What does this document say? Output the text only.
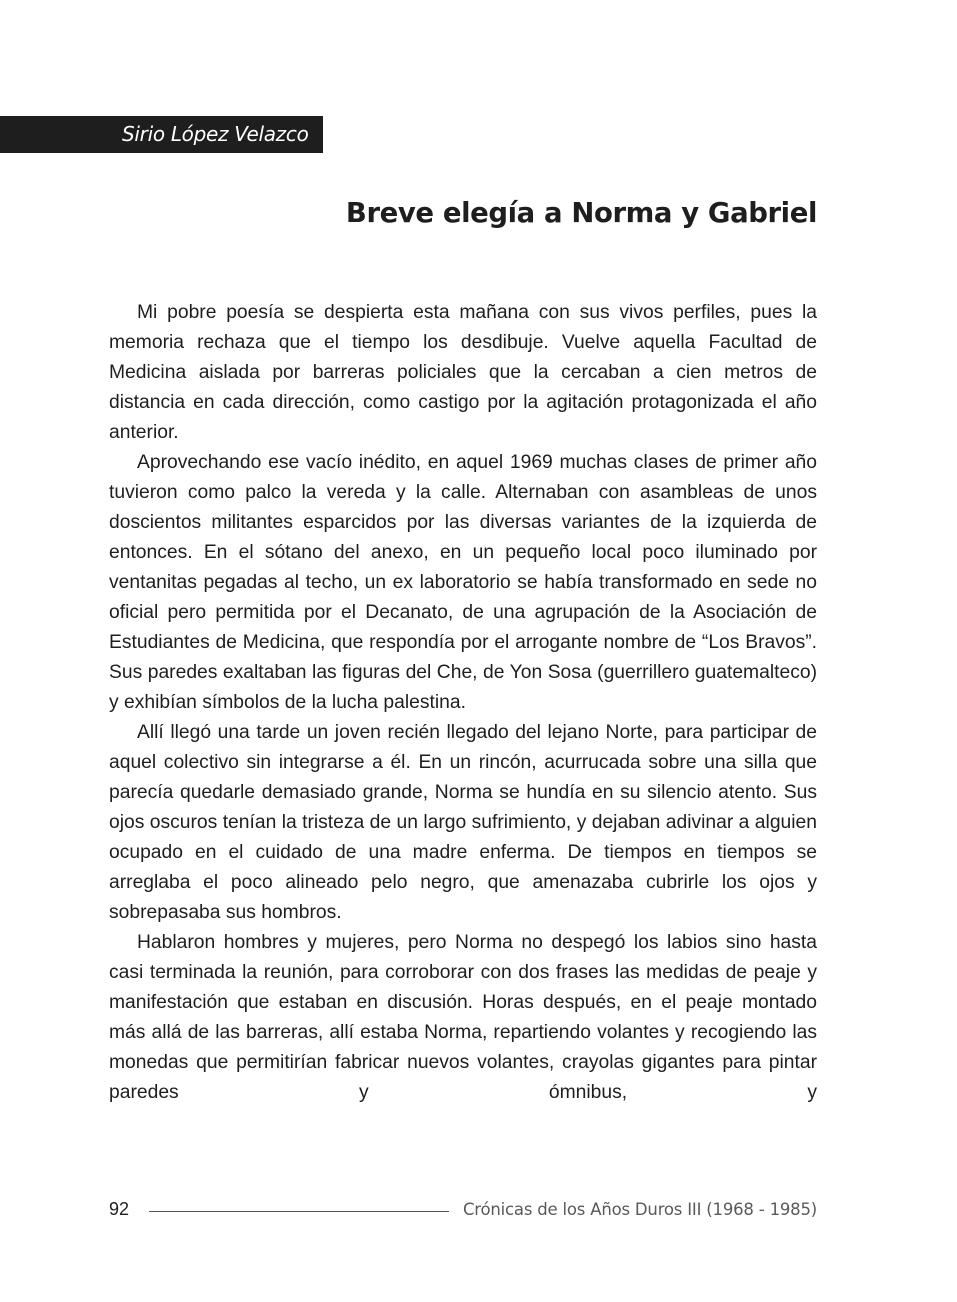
Sirio López Velazco
Breve elegía a Norma y Gabriel

Mi pobre poesía se despierta esta mañana con sus vivos perfiles, pues la memoria rechaza que el tiempo los desdibuje. Vuelve aquella Facultad de Medicina aislada por barreras policiales que la cercaban a cien metros de distancia en cada dirección, como castigo por la agitación protagonizada el año anterior.

Aprovechando ese vacío inédito, en aquel 1969 muchas clases de primer año tuvieron como palco la vereda y la calle. Alternaban con asambleas de unos doscientos militantes esparcidos por las diversas variantes de la izquierda de entonces. En el sótano del anexo, en un pequeño local poco iluminado por ventanitas pegadas al techo, un ex laboratorio se había transformado en sede no oficial pero permitida por el Decanato, de una agrupación de la Asociación de Estudiantes de Medicina, que respondía por el arrogante nombre de “Los Bravos”. Sus paredes exaltaban las figuras del Che, de Yon Sosa (guerrillero guatemalteco) y exhibían símbolos de la lucha palestina.

Allí llegó una tarde un joven recién llegado del lejano Norte, para participar de aquel colectivo sin integrarse a él. En un rincón, acurrucada sobre una silla que parecía quedarle demasiado grande, Norma se hundía en su silencio atento. Sus ojos oscuros tenían la tristeza de un largo sufrimiento, y dejaban adivinar a alguien ocupado en el cuidado de una madre enferma. De tiempos en tiempos se arreglaba el poco alineado pelo negro, que amenazaba cubrirle los ojos y sobrepasaba sus hombros.

Hablaron hombres y mujeres, pero Norma no despegó los labios sino hasta casi terminada la reunión, para corroborar con dos frases las medidas de peaje y manifestación que estaban en discusión. Horas después, en el peaje montado más allá de las barreras, allí estaba Norma, repartiendo volantes y recogiendo las monedas que permitirían fabricar nuevos volantes, crayolas gigantes para pintar paredes y ómnibus, y

92	Crónicas de los Años Duros III (1968 - 1985)
